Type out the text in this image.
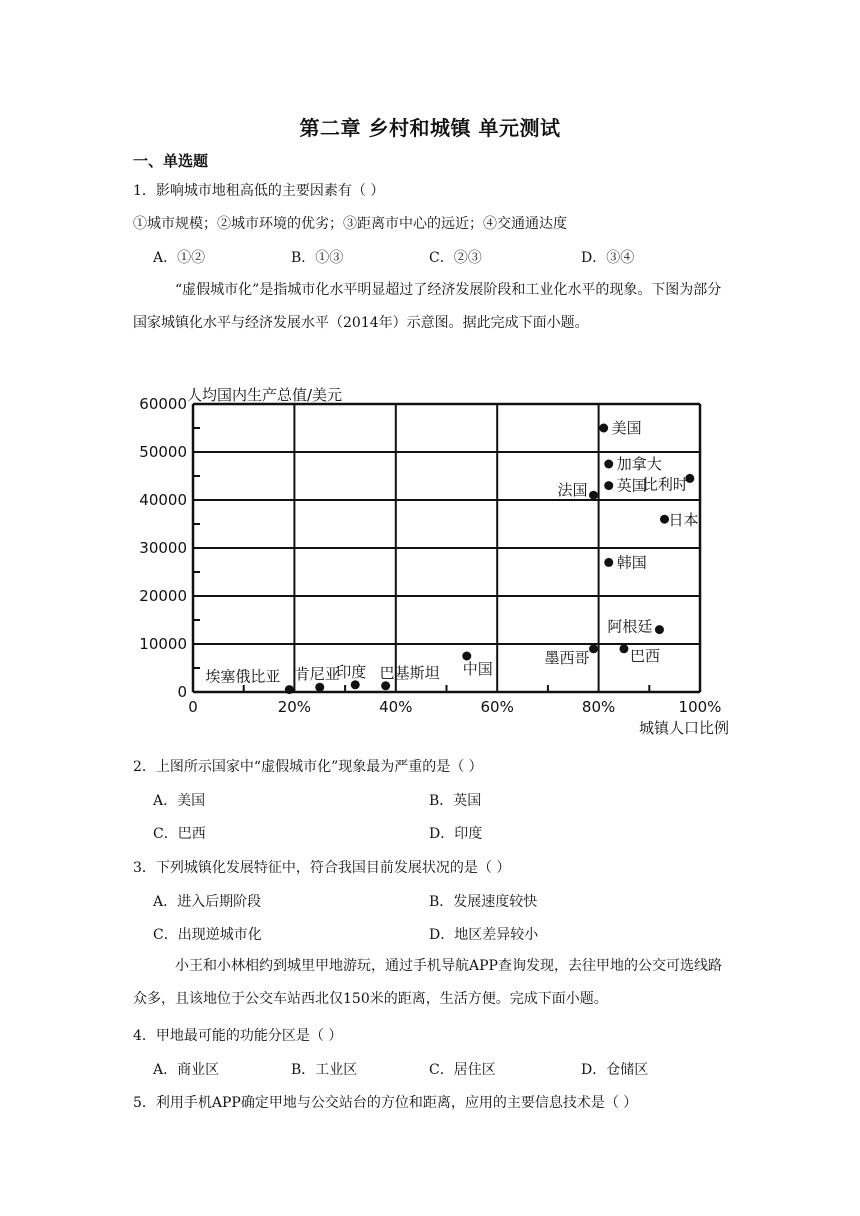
第二章 乡村和城镇 单元测试
一、单选题
1．影响城市地租高低的主要因素有（ ）
①城市规模；②城市环境的优劣；③距离市中心的远近；④交通通达度
A．①②	B．①③	C．②③	D．③④
“虚假城市化”是指城市化水平明显超过了经济发展阶段和工业化水平的现象。下图为部分国家城镇化水平与经济发展水平（2014年）示意图。据此完成下面小题。
0
10000
20000
30000
40000
50000
60000
0	20%	40%	60%	80%	100%
人均国内生产总值/美元
城镇人口比例
美国
加拿大
英国
法国	比利时
日本
韩国
阿根廷
墨西哥	巴西
中国
埃塞俄比亚 肯尼亚
印度 巴基斯坦
2．上图所示国家中“虚假城市化”现象最为严重的是（ ）
A．美国	B．英国
C．巴西	D．印度
3．下列城镇化发展特征中，符合我国目前发展状况的是（ ）
A．进入后期阶段	B．发展速度较快
C．出现逆城市化	D．地区差异较小
小王和小林相约到城里甲地游玩，通过手机导航APP查询发现，去往甲地的公交可选线路众多，且该地位于公交车站西北仅150米的距离，生活方便。完成下面小题。
4．甲地最可能的功能分区是（ ）
A．商业区	B．工业区	C．居住区	D．仓储区
5．利用手机APP确定甲地与公交站台的方位和距离，应用的主要信息技术是（ ）
